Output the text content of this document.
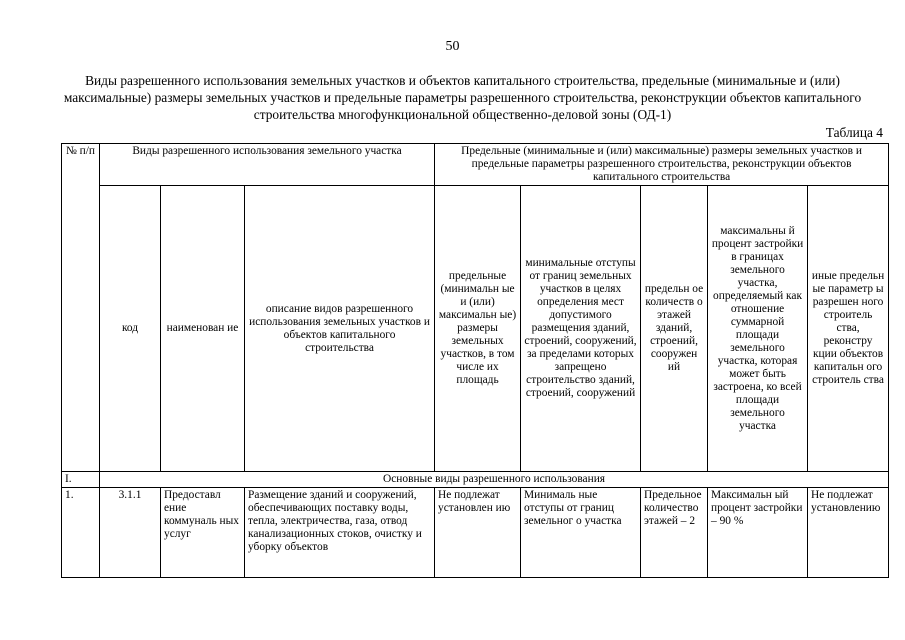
50
Виды разрешенного использования земельных участков и объектов капитального строительства, предельные (минимальные и (или) максимальные) размеры земельных участков и предельные параметры разрешенного строительства, реконструкции объектов капитального строительства многофункциональной общественно-деловой зоны (ОД-1)
Таблица 4
№ п/п	Виды разрешенного использования земельного участка			Предельные (минимальные и (или) максимальные) размеры земельных участков и предельные параметры разрешенного строительства, реконструкции объектов капитального строительства				
	код	наименован ие	описание видов разрешенного использования земельных участков и объектов капитального строительства	предельные (минимальн ые и (или) максимальн ые) размеры земельных участков, в том числе их площадь	минимальные отступы от границ земельных участков в целях определения мест допустимого размещения зданий, строений, сооружений, за пределами которых запрещено строительство зданий, строений, сооружений	предельн ое количеств о этажей зданий, строений, сооружен ий	максимальны й процент застройки в границах земельного участка, определяемый как отношение суммарной площади земельного участка, которая может быть застроена, ко всей площади земельного участка	иные предельн ые параметр ы разрешен ного строитель ства, реконстру кции объектов капитальн ого строитель ства
I.	Основные виды разрешенного использования							
1.	3.1.1	Предоставл ение коммуналь ных услуг	Размещение зданий и сооружений, обеспечивающих поставку воды, тепла, электричества, газа, отвод канализационных стоков, очистку и уборку объектов	Не подлежат установлен ию	Минималь ные отступы от границ земельног о участка	Предельное количество этажей – 2	Максимальн ый процент застройки – 90 %	Не подлежат установлению
